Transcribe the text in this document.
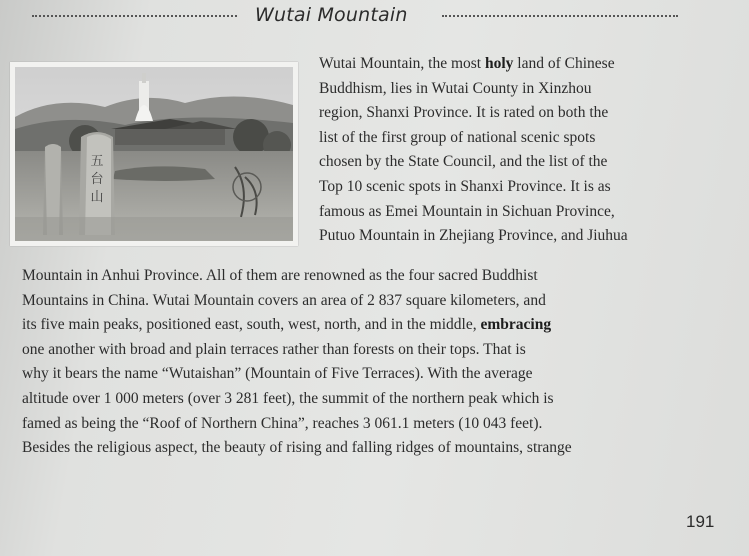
Wutai Mountain
五
台
山
Wutai Mountain, the most holy land of Chinese
Buddhism, lies in Wutai County in Xinzhou
region, Shanxi Province. It is rated on both the
list of the first group of national scenic spots
chosen by the State Council, and the list of the
Top 10 scenic spots in Shanxi Province. It is as
famous as Emei Mountain in Sichuan Province,
Putuo Mountain in Zhejiang Province, and Jiuhua
Mountain in Anhui Province. All of them are renowned as the four sacred Buddhist
Mountains in China. Wutai Mountain covers an area of 2 837 square kilometers, and
its five main peaks, positioned east, south, west, north, and in the middle, embracing
one another with broad and plain terraces rather than forests on their tops. That is
why it bears the name “Wutaishan” (Mountain of Five Terraces). With the average
altitude over 1 000 meters (over 3 281 feet), the summit of the northern peak which is
famed as being the “Roof of Northern China”, reaches 3 061.1 meters (10 043 feet).
Besides the religious aspect, the beauty of rising and falling ridges of mountains, strange
191
